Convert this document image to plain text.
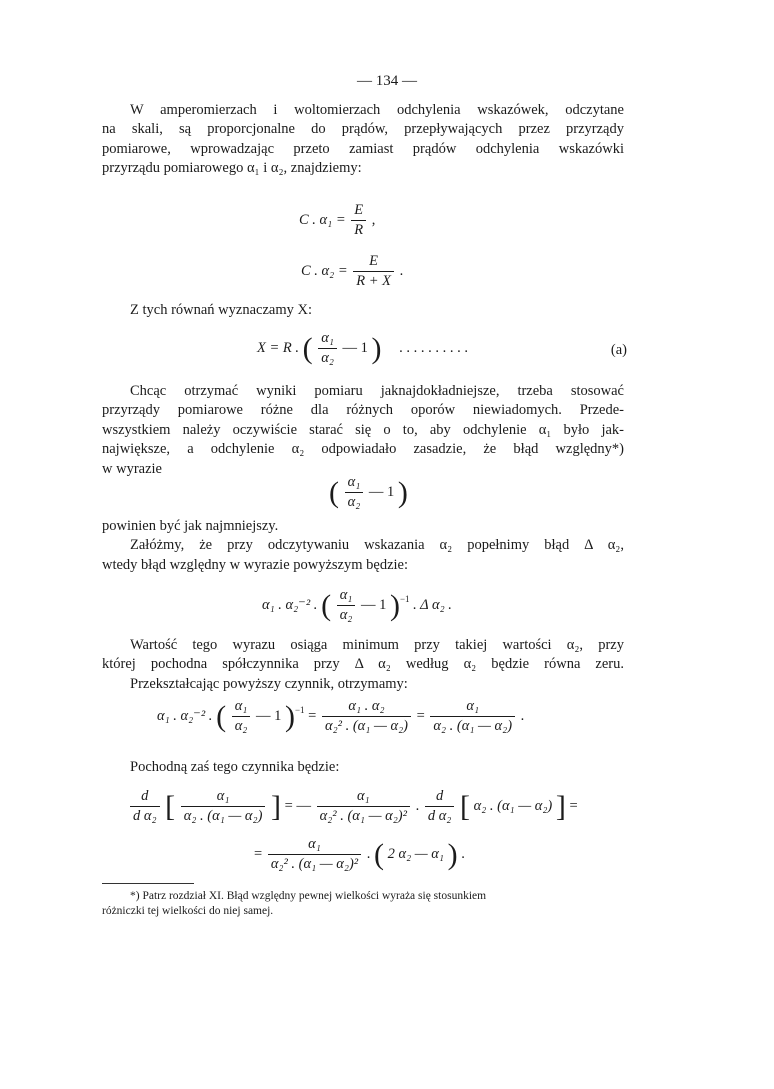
— 134 —
W amperomierzach i woltomierzach odchylenia wskazówek, odczytane
na skali, są proporcjonalne do prądów, przepływających przez przyrządy
pomiarowe, wprowadzając przeto zamiast prądów odchylenia wskazówki
przyrządu pomiarowego α₁ i α₂, znajdziemy:
C . $\alpha_1 = \frac{E}{R}$ ,
C . $\alpha_2 = \frac{E}{R + X}$ .
Z tych równań wyznaczamy X:
X = R . ( $\frac{\text{α₁}}{\text{α₂}}$ — 1 ) . . . . . . . . . .	(a)
Chcąc otrzymać wyniki pomiaru jaknajdokładniejsze, trzeba stosować
przyrządy pomiarowe różne dla różnych oporów niewiadomych. Przede-
wszystkiem należy oczywiście starać się o to, aby odchylenie α₁ było jak-
największe, a odchylenie α₂ odpowiadało zasadzie, że błąd względny*)
w wyrazie
( $\frac{\text{α₁}}{\text{α₂}}$ — 1 )
powinien być jak najmniejszy.
Załóżmy, że przy odczytywaniu wskazania α₂ popełnimy błąd Δ α₂,
wtedy błąd względny w wyrazie powyższym będzie:
α₁ . α₂⁻² . ( $\frac{\text{α₁}}{\text{α₂}}$ — 1 )$^{-1}$ . Δ α₂ .
Wartość tego wyrazu osiąga minimum przy takiej wartości α₂, przy
której pochodna spółczynnika przy Δ α₂ według α₂ będzie równa zeru.
Przekształcając powyższy czynnik, otrzymamy:
α₁ . α₂⁻² . ( $\frac{\text{α₁}}{\text{α₂}}$ — 1 )$^{-1} = \frac{\text{α₁ . α₂}}{\text{α₂² . (α₁ — α₂)}} = \frac{\text{α₁}}{\text{α₂ . (α₁ — α₂)}}$ .
Pochodną zaś tego czynnika będzie:
$\frac{d}{\text{d α₂}}$ [ $\frac{\text{α₁}}{\text{α₂ . (α₁ — α₂)}}$ ] = — $\frac{\text{α₁}}{\text{α₂² . (α₁ — α₂)²}}$ . $\frac{d}{\text{d α₂}}$ [ α₂ . (α₁ — α₂) ] =
= $\frac{\text{α₁}}{\text{α₂² . (α₁ — α₂)²}}$ . ( 2 α₂ — α₁ ) .
*) Patrz rozdział XI. Błąd względny pewnej wielkości wyraża się stosunkiem
różniczki tej wielkości do niej samej.
